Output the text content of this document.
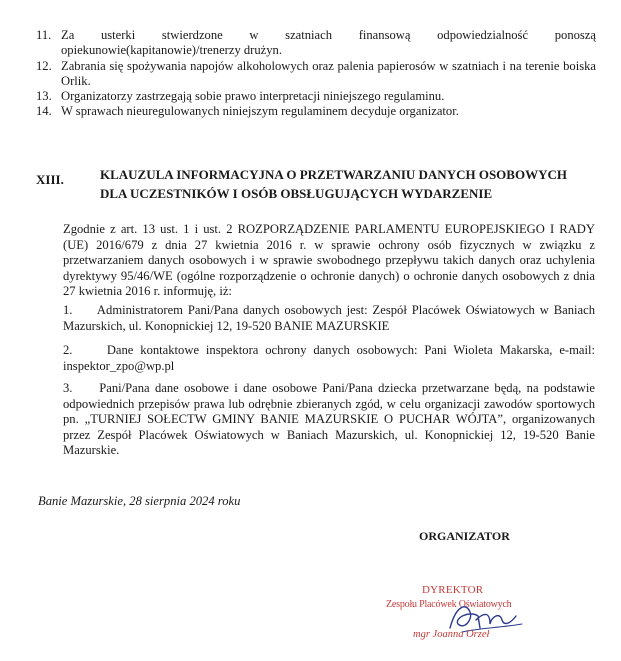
11. Za usterki stwierdzone w szatniach finansową odpowiedzialność ponoszą opiekunowie(kapitanowie)/trenerzy drużyn.
12. Zabrania się spożywania napojów alkoholowych oraz palenia papierosów w szatniach i na terenie boiska Orlik.
13. Organizatorzy zastrzegają sobie prawo interpretacji niniejszego regulaminu.
14. W sprawach nieuregulowanych niniejszym regulaminem decyduje organizator.
XIII.	KLAUZULA INFORMACYJNA O PRZETWARZANIU DANYCH OSOBOWYCH
DLA UCZESTNIKÓW I OSÓB OBSŁUGUJĄCYCH WYDARZENIE
Zgodnie z art. 13 ust. 1 i ust. 2 ROZPORZĄDZENIE PARLAMENTU EUROPEJSKIEGO I RADY (UE) 2016/679 z dnia 27 kwietnia 2016 r. w sprawie ochrony osób fizycznych w związku z przetwarzaniem danych osobowych i w sprawie swobodnego przepływu takich danych oraz uchylenia dyrektywy 95/46/WE (ogólne rozporządzenie o ochronie danych) o ochronie danych osobowych z dnia 27 kwietnia 2016 r. informuję, iż:
1.     Administratorem Pani/Pana danych osobowych jest: Zespół Placówek Oświatowych w Baniach Mazurskich, ul. Konopnickiej 12, 19-520 BANIE MAZURSKIE
2.     Dane kontaktowe inspektora ochrony danych osobowych: Pani Wioleta Makarska, e-mail: inspektor_zpo@wp.pl
3.     Pani/Pana dane osobowe i dane osobowe Pani/Pana dziecka przetwarzane będą, na podstawie odpowiednich przepisów prawa lub odrębnie zbieranych zgód, w celu organizacji zawodów sportowych pn. „TURNIEJ SOŁECTW GMINY BANIE MAZURSKIE O PUCHAR WÓJTA”, organizowanych przez Zespół Placówek Oświatowych w Baniach Mazurskich, ul. Konopnickiej 12, 19-520 Banie Mazurskie.
Banie Mazurskie, 28 sierpnia 2024 roku
ORGANIZATOR
DYREKTOR
Zespołu Placówek Oświatowych
mgr Joanna Orzeł
